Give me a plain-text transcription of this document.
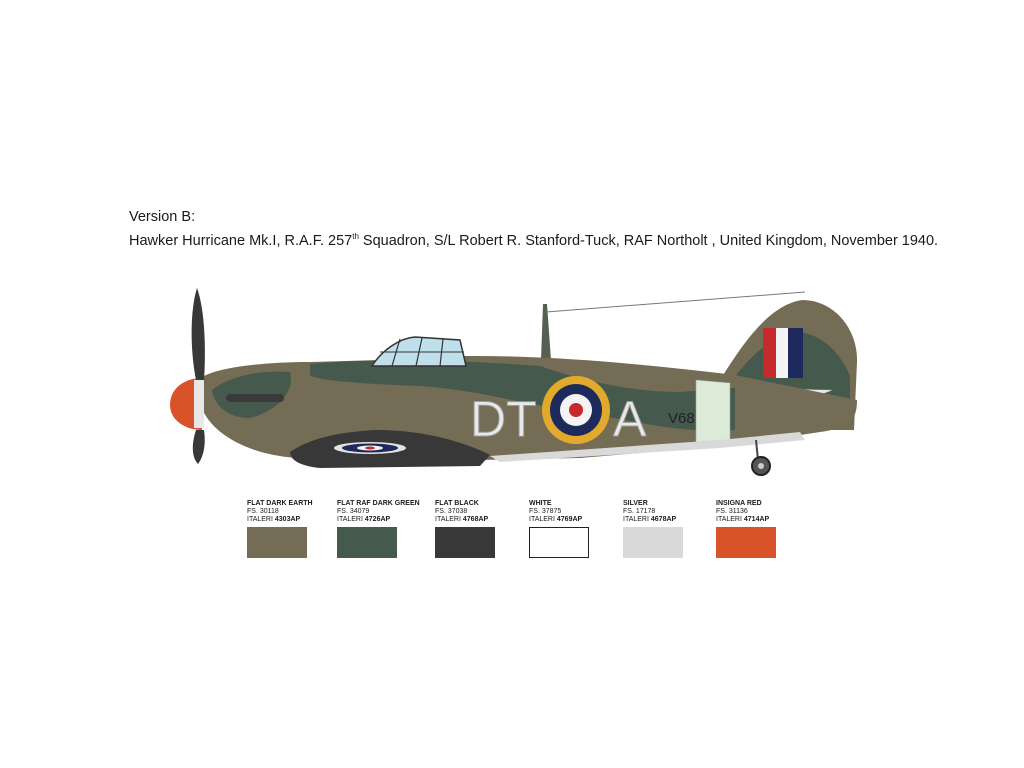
Version B:
Hawker Hurricane Mk.I, R.A.F. 257th Squadron, S/L Robert R. Stanford-Tuck, RAF Northolt , United Kingdom, November 1940.
DT A V68
FLAT DARK EARTH
FS. 30118
ITALERI 4303AP
FLAT RAF DARK GREEN
FS. 34079
ITALERI 4726AP
FLAT BLACK
FS. 37038
ITALERI 4768AP
WHITE
FS. 37875
ITALERI 4769AP
SILVER
FS. 17178
ITALERI 4678AP
INSIGNA RED
FS. 31136
ITALERI 4714AP
